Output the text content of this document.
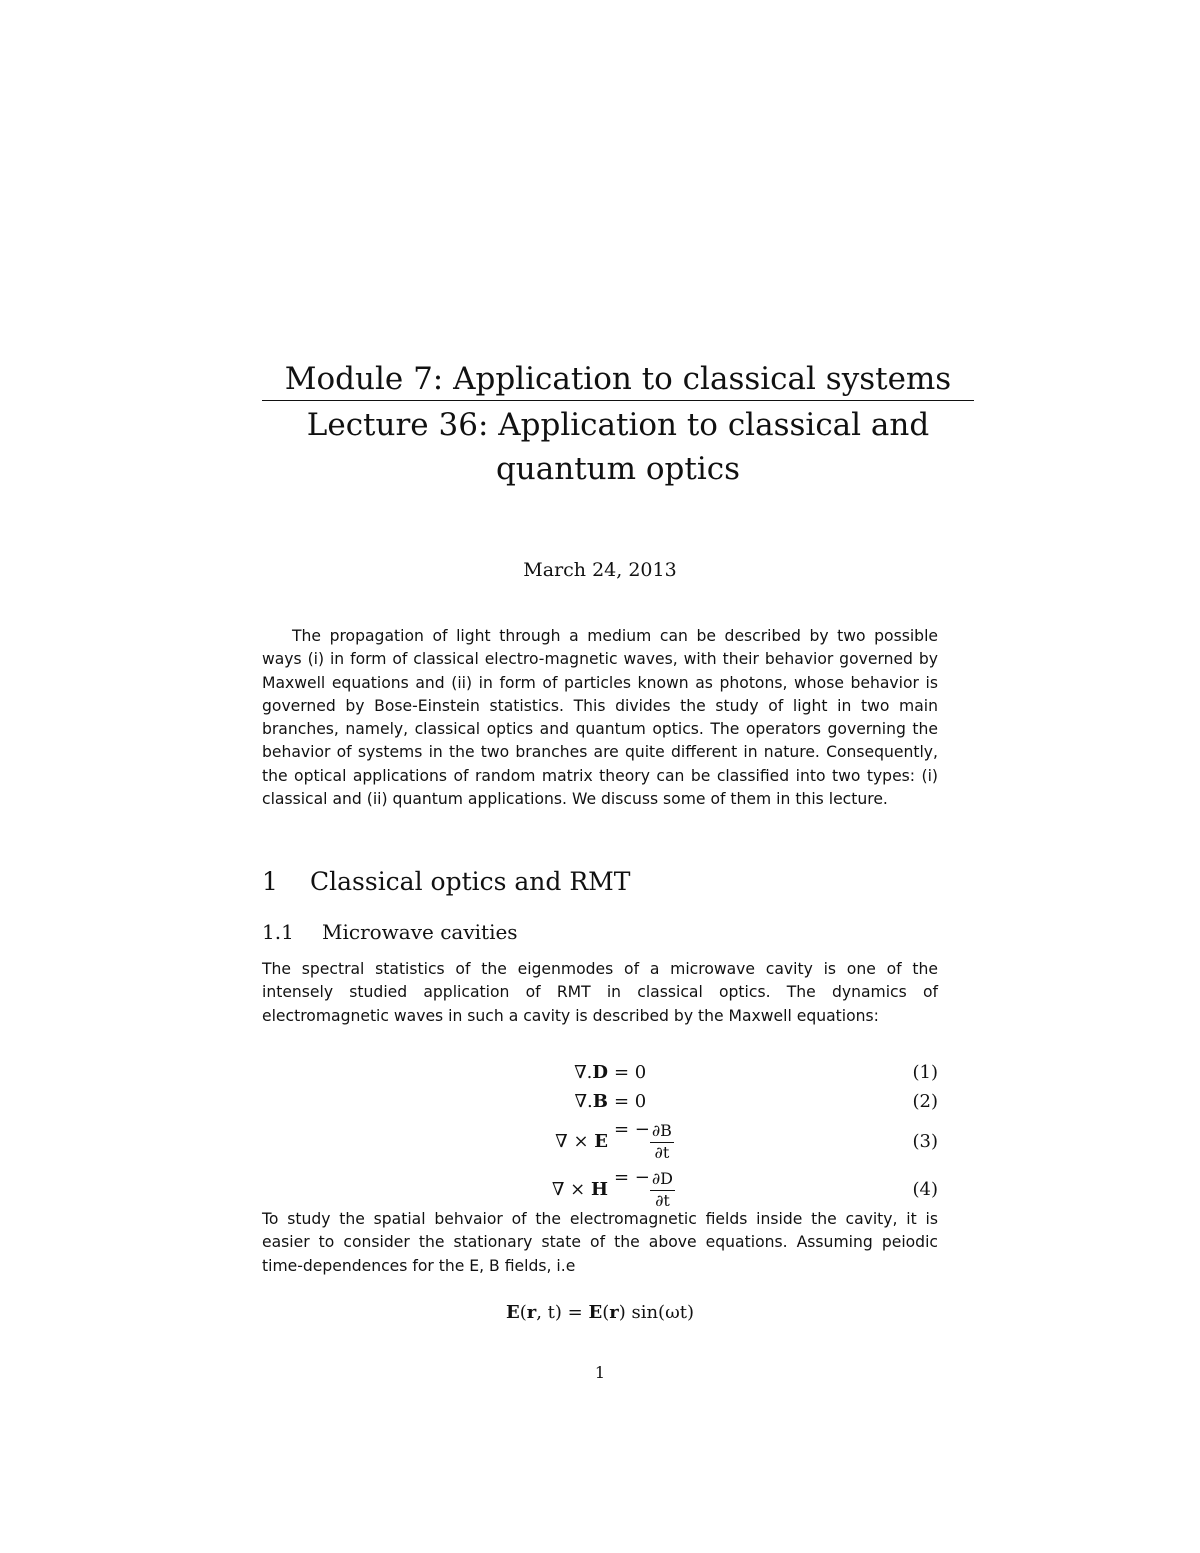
Module 7: Application to classical systems
Lecture 36: Application to classical and quantum optics
March 24, 2013

The propagation of light through a medium can be described by two possible ways (i) in form of classical electro-magnetic waves, with their behavior governed by Maxwell equations and (ii) in form of particles known as photons, whose behavior is governed by Bose-Einstein statistics. This divides the study of light in two main branches, namely, classical optics and quantum optics. The operators governing the behavior of systems in the two branches are quite different in nature. Consequently, the optical applications of random matrix theory can be classified into two types: (i) classical and (ii) quantum applications. We discuss some of them in this lecture.

1 Classical optics and RMT
1.1 Microwave cavities

The spectral statistics of the eigenmodes of a microwave cavity is one of the intensely studied application of RMT in classical optics. The dynamics of electromagnetic waves in such a cavity is described by the Maxwell equations:

∇.D = 0	(1)
∇.B = 0	(2)
∇ × E
= − $\frac{\partial B}{\partial t}$	(3)
∇ × H
= − $\frac{\partial D}{\partial t}$	(4)

To study the spatial behvaior of the electromagnetic fields inside the cavity, it is easier to consider the stationary state of the above equations. Assuming peiodic time-dependences for the E, B fields, i.e

E(r, t) = E(r) sin(ωt)
1
